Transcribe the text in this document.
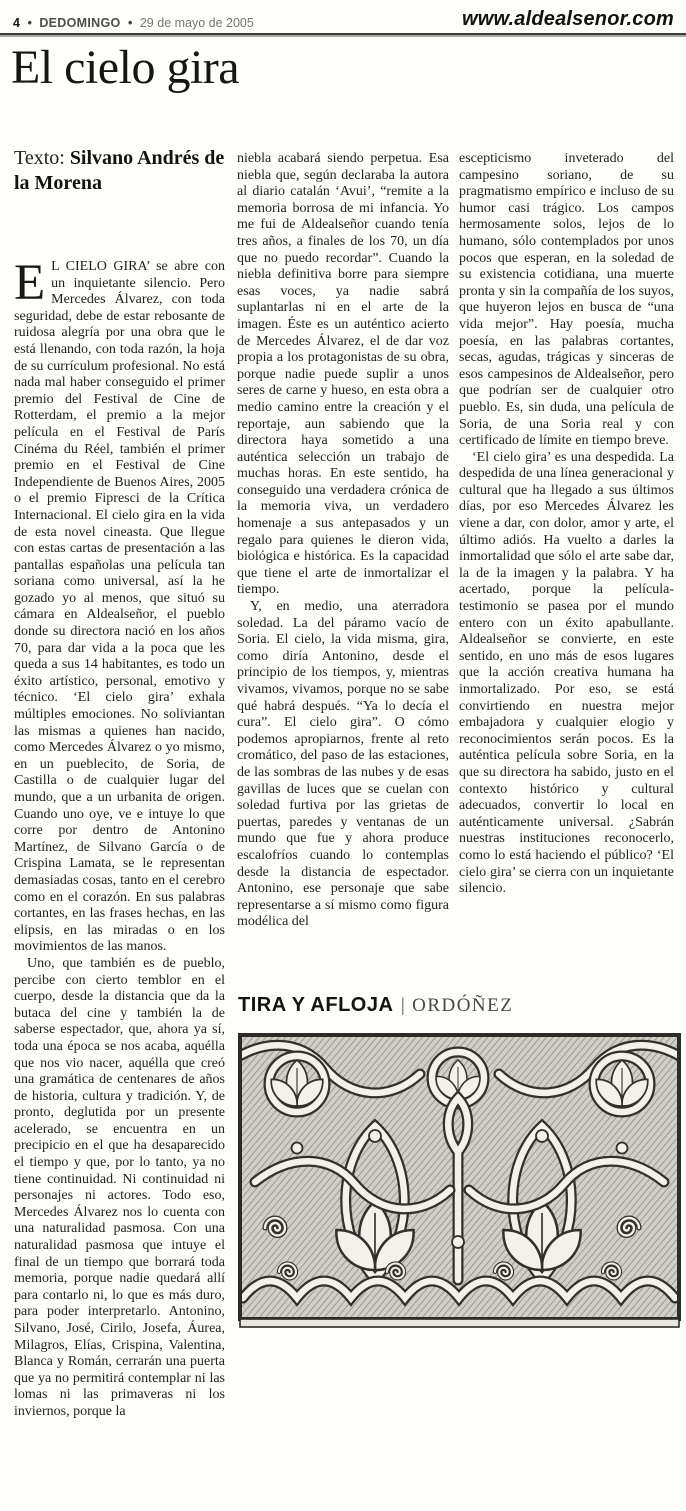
4 • DEDOMINGO • 29 de mayo de 2005	www.aldealsenor.com
El cielo gira
Texto: Silvano Andrés de la Morena

E L CIELO GIRA’ se abre con un inquietante silencio. Pero Mercedes Álvarez, con toda seguridad, debe de estar rebosante de ruidosa alegría por una obra que le está llenando, con toda razón, la hoja de su currículum profesional. No está nada mal haber conseguido el primer premio del Festival de Cine de Rotterdam, el premio a la mejor película en el Festival de París Cinéma du Réel, también el primer premio en el Festival de Cine Independiente de Buenos Aires, 2005 o el premio Fipresci de la Crítica Internacional. El cielo gira en la vida de esta novel cineasta. Que llegue con estas cartas de presentación a las pantallas españolas una película tan soriana como universal, así la he gozado yo al menos, que situó su cámara en Aldealseñor, el pueblo donde su directora nació en los años 70, para dar vida a la poca que les queda a sus 14 habitantes, es todo un éxito artístico, personal, emotivo y técnico. ‘El cielo gira’ exhala múltiples emociones. No soliviantan las mismas a quienes han nacido, como Mercedes Álvarez o yo mismo, en un pueblecito, de Soria, de Castilla o de cualquier lugar del mundo, que a un urbanita de origen. Cuando uno oye, ve e intuye lo que corre por dentro de Antonino Martínez, de Silvano García o de Crispina Lamata, se le representan demasiadas cosas, tanto en el cerebro como en el corazón. En sus palabras cortantes, en las frases hechas, en las elipsis, en las miradas o en los movimientos de las manos.

Uno, que también es de pueblo, percibe con cierto temblor en el cuerpo, desde la distancia que da la butaca del cine y también la de saberse espectador, que, ahora ya sí, toda una época se nos acaba, aquélla que nos vio nacer, aquélla que creó una gramática de centenares de años de historia, cultura y tradición. Y, de pronto, deglutida por un presente acelerado, se encuentra en un precipicio en el que ha desaparecido el tiempo y que, por lo tanto, ya no tiene continuidad. Ni continuidad ni personajes ni actores. Todo eso, Mercedes Álvarez nos lo cuenta con una naturalidad pasmosa. Con una naturalidad pasmosa que intuye el final de un tiempo que borrará toda memoria, porque nadie quedará allí para contarlo ni, lo que es más duro, para poder interpretarlo. Antonino, Silvano, José, Cirilo, Josefa, Áurea, Milagros, Elías, Crispina, Valentina, Blanca y Román, cerrarán una puerta que ya no permitirá contemplar ni las lomas ni las primaveras ni los inviernos, porque la

niebla acabará siendo perpetua. Esa niebla que, según declaraba la autora al diario catalán ‘Avui’, “remite a la memoria borrosa de mi infancia. Yo me fui de Aldealseñor cuando tenía tres años, a finales de los 70, un día que no puedo recordar”. Cuando la niebla definitiva borre para siempre esas voces, ya nadie sabrá suplantarlas ni en el arte de la imagen. Éste es un auténtico acierto de Mercedes Álvarez, el de dar voz propia a los protagonistas de su obra, porque nadie puede suplir a unos seres de carne y hueso, en esta obra a medio camino entre la creación y el reportaje, aun sabiendo que la directora haya sometido a una auténtica selección un trabajo de muchas horas. En este sentido, ha conseguido una verdadera crónica de la memoria viva, un verdadero homenaje a sus antepasados y un regalo para quienes le dieron vida, biológica e histórica. Es la capacidad que tiene el arte de inmortalizar el tiempo.

Y, en medio, una aterradora soledad. La del páramo vacío de Soria. El cielo, la vida misma, gira, como diría Antonino, desde el principio de los tiempos, y, mientras vivamos, vivamos, porque no se sabe qué habrá después. “Ya lo decía el cura”. El cielo gira”. O cómo podemos apropiarnos, frente al reto cromático, del paso de las estaciones, de las sombras de las nubes y de esas gavillas de luces que se cuelan con soledad furtiva por las grietas de puertas, paredes y ventanas de un mundo que fue y ahora produce escalofríos cuando lo contemplas desde la distancia de espectador. Antonino, ese personaje que sabe representarse a sí mismo como figura modélica del

escepticismo inveterado del campesino soriano, de su pragmatismo empírico e incluso de su humor casi trágico. Los campos hermosamente solos, lejos de lo humano, sólo contemplados por unos pocos que esperan, en la soledad de su existencia cotidiana, una muerte pronta y sin la compañía de los suyos, que huyeron lejos en busca de “una vida mejor”. Hay poesía, mucha poesía, en las palabras cortantes, secas, agudas, trágicas y sinceras de esos campesinos de Aldealseñor, pero que podrían ser de cualquier otro pueblo. Es, sin duda, una película de Soria, de una Soria real y con certificado de límite en tiempo breve.

‘El cielo gira’ es una despedida. La despedida de una línea generacional y cultural que ha llegado a sus últimos días, por eso Mercedes Álvarez les viene a dar, con dolor, amor y arte, el último adiós. Ha vuelto a darles la inmortalidad que sólo el arte sabe dar, la de la imagen y la palabra. Y ha acertado, porque la película-testimonio se pasea por el mundo entero con un éxito apabullante. Aldealseñor se convierte, en este sentido, en uno más de esos lugares que la acción creativa humana ha inmortalizado. Por eso, se está convirtiendo en nuestra mejor embajadora y cualquier elogio y reconocimientos serán pocos. Es la auténtica película sobre Soria, en la que su directora ha sabido, justo en el contexto histórico y cultural adecuados, convertir lo local en auténticamente universal. ¿Sabrán nuestras instituciones reconocerlo, como lo está haciendo el público? ‘El cielo gira’ se cierra con un inquietante silencio.

TIRA Y AFLOJA | ORDÓÑEZ
